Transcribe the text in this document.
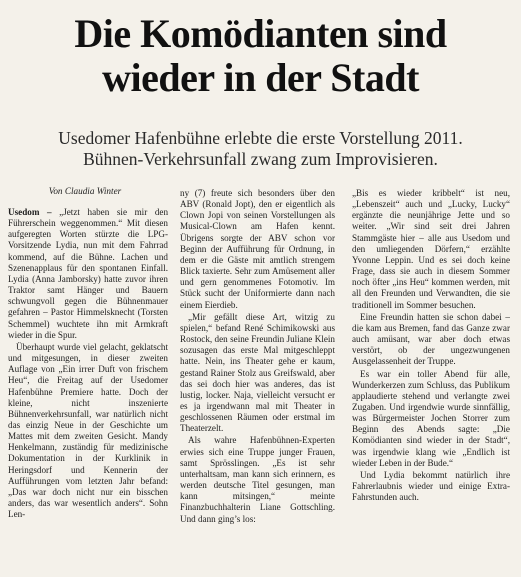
Die Komödianten sind
wieder in der Stadt
Usedomer Hafenbühne erlebte die erste Vorstellung 2011.
Bühnen-Verkehrsunfall zwang zum Improvisieren.
Von Claudia Winter

Usedom – „Jetzt haben sie mir den Führerschein weggenommen.“ Mit diesen aufgeregten Worten stürzte die LPG-Vorsitzende Lydia, nun mit dem Fahrrad kommend, auf die Bühne. Lachen und Szenenapplaus für den spontanen Einfall. Lydia (Anna Jamborsky) hatte zuvor ihren Traktor samt Hänger und Bauern schwungvoll gegen die Bühnenmauer gefahren – Pastor Himmelsknecht (Torsten Schemmel) wuchtete ihn mit Armkraft wieder in die Spur.

Überhaupt wurde viel gelacht, geklatscht und mitgesungen, in dieser zweiten Auflage von „Ein irrer Duft von frischem Heu“, die Freitag auf der Usedomer Hafenbühne Premiere hatte. Doch der kleine, nicht inszenierte Bühnenverkehrsunfall, war natürlich nicht das einzig Neue in der Geschichte um Mattes mit dem zweiten Gesicht. Mandy Henkelmann, zuständig für medizinische Dokumentation in der Kurklinik in Heringsdorf und Kennerin der Aufführungen vom letzten Jahr befand: „Das war doch nicht nur ein bisschen anders, das war wesentlich anders“. Sohn Len-

ny (7) freute sich besonders über den ABV (Ronald Jopt), den er eigentlich als Clown Jopi von seinen Vorstellungen als Musical-Clown am Hafen kennt. Übrigens sorgte der ABV schon vor Beginn der Aufführung für Ordnung, in dem er die Gäste mit amtlich strengem Blick taxierte. Sehr zum Amüsement aller und gern genommenes Fotomotiv. Im Stück sucht der Uniformierte dann nach einem Eierdieb.

„Mir gefällt diese Art, witzig zu spielen,“ befand René Schimikowski aus Rostock, den seine Freundin Juliane Klein sozusagen das erste Mal mitgeschleppt hatte. Nein, ins Theater gehe er kaum, gestand Rainer Stolz aus Greifswald, aber das sei doch hier was anderes, das ist lustig, locker. Naja, vielleicht versucht er es ja irgendwann mal mit Theater in geschlossenen Räumen oder erstmal im Theaterzelt.

Als wahre Hafenbühnen-Experten erwies sich eine Truppe junger Frauen, samt Sprösslingen. „Es ist sehr unterhaltsam, man kann sich erinnern, es werden deutsche Titel gesungen, man kann mitsingen,“ meinte Finanzbuchhalterin Liane Gottschling. Und dann ging’s los:

„Bis es wieder kribbelt“ ist neu, „Lebenszeit“ auch und „Lucky, Lucky“ ergänzte die neunjährige Jette und so weiter. „Wir sind seit drei Jahren Stammgäste hier – alle aus Usedom und den umliegenden Dörfern,“ erzählte Yvonne Leppin. Und es sei doch keine Frage, dass sie auch in diesem Sommer noch öfter „ins Heu“ kommen werden, mit all den Freunden und Verwandten, die sie traditionell im Sommer besuchen.

Eine Freundin hatten sie schon dabei – die kam aus Bremen, fand das Ganze zwar auch amüsant, war aber doch etwas verstört, ob der ungezwungenen Ausgelassenheit der Truppe.

Es war ein toller Abend für alle, Wunderkerzen zum Schluss, das Publikum applaudierte stehend und verlangte zwei Zugaben. Und irgendwie wurde sinnfällig, was Bürgermeister Jochen Storrer zum Beginn des Abends sagte: „Die Komödianten sind wieder in der Stadt“, was irgendwie klang wie „Endlich ist wieder Leben in der Bude.“

Und Lydia bekommt natürlich ihre Fahrerlaubnis wieder und einige Extra-Fahrstunden auch.
